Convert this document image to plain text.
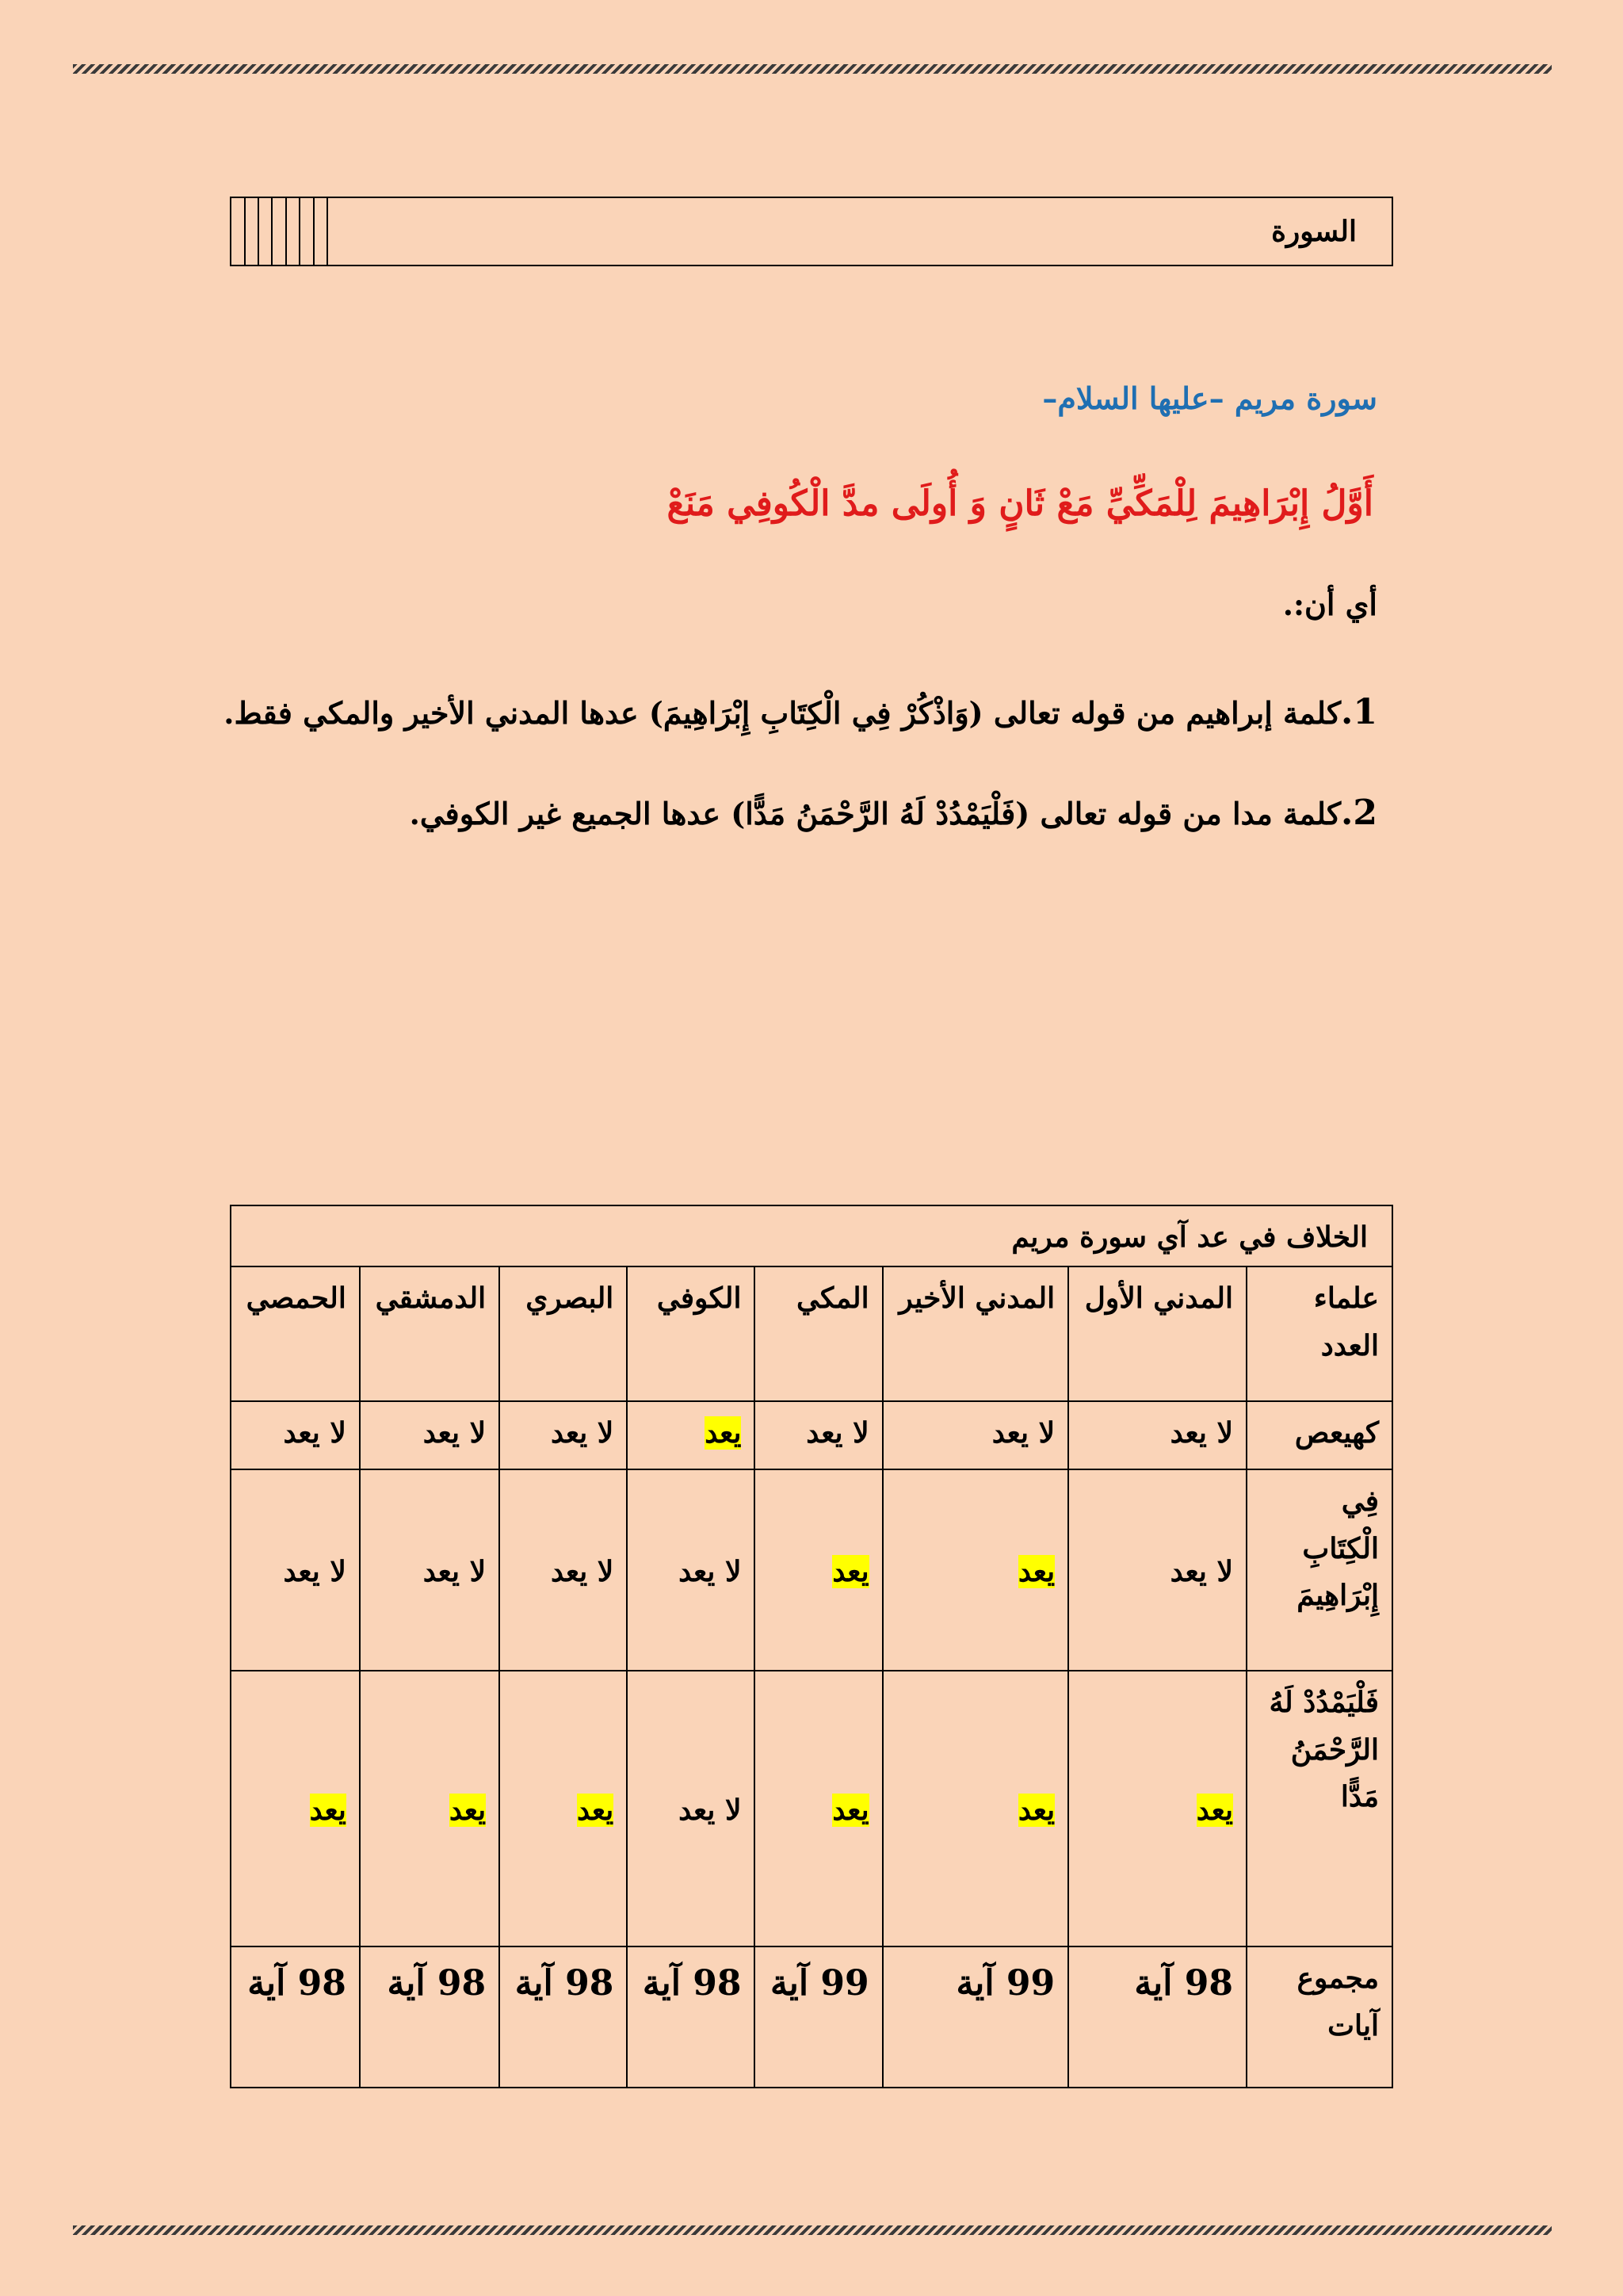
السورة							
سورة مريم –عليها السلام–
أَوَّلُ إِبْرَاهِيمَ لِلْمَكِّيِّ مَعْ ثَانٍ وَ أُولَى مدَّ الْكُوفِي مَنَعْ
أي أن:.
1.كلمة إبراهيم من قوله تعالى (وَاذْكُرْ فِي الْكِتَابِ إِبْرَاهِيمَ) عدها المدني الأخير والمكي فقط.
2.كلمة مدا من قوله تعالى (فَلْيَمْدُدْ لَهُ الرَّحْمَنُ مَدًّا) عدها الجميع غير الكوفي.
الخلاف في عد آي سورة مريم							
علماء العدد	المدني الأول	المدني الأخير	المكي	الكوفي	البصري	الدمشقي	الحمصي
كهيعص	لا يعد	لا يعد	لا يعد	يعد	لا يعد	لا يعد	لا يعد
فِي الْكِتَابِ إِبْرَاهِيمَ	لا يعد	يعد	يعد	لا يعد	لا يعد	لا يعد	لا يعد
فَلْيَمْدُدْ لَهُ الرَّحْمَنُ مَدًّا	يعد	يعد	يعد	لا يعد	يعد	يعد	يعد
مجموع آيات	98 آية	99 آية	99 آية	98 آية	98 آية	98 آية	98 آية
